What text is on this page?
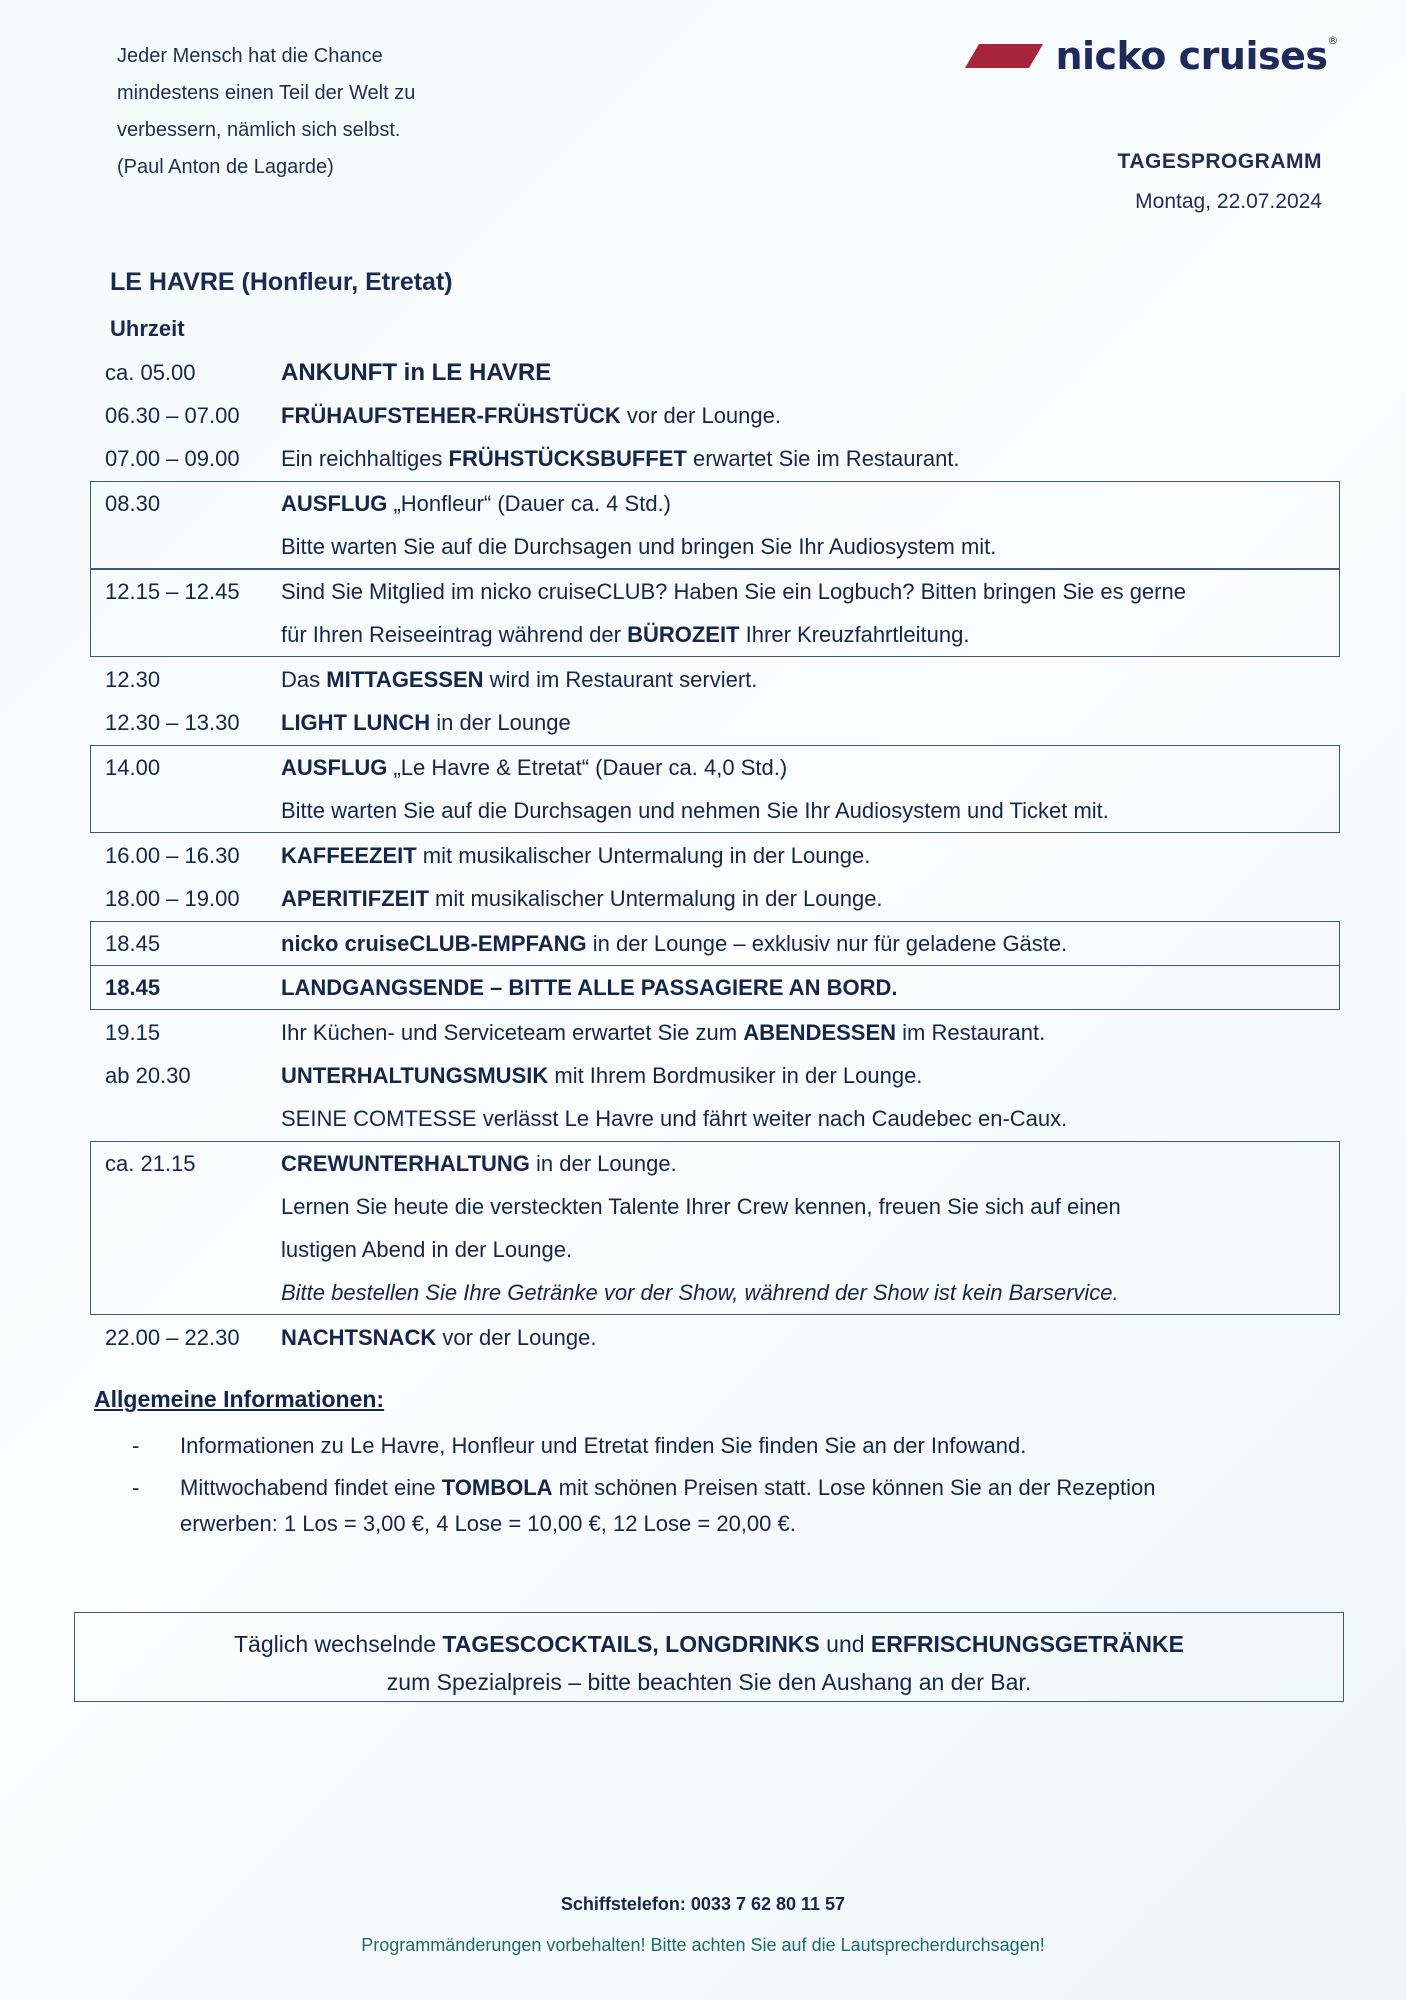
Jeder Mensch hat die Chance
mindestens einen Teil der Welt zu
verbessern, nämlich sich selbst.
(Paul Anton de Lagarde)
nicko cruises®
TAGESPROGRAMM
Montag, 22.07.2024
LE HAVRE (Honfleur, Etretat)
Uhrzeit
ca. 05.00	ANKUNFT in LE HAVRE
06.30 – 07.00	FRÜHAUFSTEHER-FRÜHSTÜCK vor der Lounge.
07.00 – 09.00	Ein reichhaltiges FRÜHSTÜCKSBUFFET erwartet Sie im Restaurant.
08.30	AUSFLUG „Honfleur“ (Dauer ca. 4 Std.)
Bitte warten Sie auf die Durchsagen und bringen Sie Ihr Audiosystem mit.
12.15 – 12.45	Sind Sie Mitglied im nicko cruiseCLUB? Haben Sie ein Logbuch? Bitten bringen Sie es gerne
für Ihren Reiseeintrag während der BÜROZEIT Ihrer Kreuzfahrtleitung.
12.30	Das MITTAGESSEN wird im Restaurant serviert.
12.30 – 13.30	LIGHT LUNCH in der Lounge
14.00	AUSFLUG „Le Havre & Etretat“ (Dauer ca. 4,0 Std.)
Bitte warten Sie auf die Durchsagen und nehmen Sie Ihr Audiosystem und Ticket mit.
16.00 – 16.30	KAFFEEZEIT mit musikalischer Untermalung in der Lounge.
18.00 – 19.00	APERITIFZEIT mit musikalischer Untermalung in der Lounge.
18.45	nicko cruiseCLUB-EMPFANG in der Lounge – exklusiv nur für geladene Gäste.
18.45	LANDGANGSENDE – BITTE ALLE PASSAGIERE AN BORD.
19.15	Ihr Küchen- und Serviceteam erwartet Sie zum ABENDESSEN im Restaurant.
ab 20.30	UNTERHALTUNGSMUSIK mit Ihrem Bordmusiker in der Lounge.
SEINE COMTESSE verlässt Le Havre und fährt weiter nach Caudebec en-Caux.
ca. 21.15	CREWUNTERHALTUNG in der Lounge.
Lernen Sie heute die versteckten Talente Ihrer Crew kennen, freuen Sie sich auf einen
lustigen Abend in der Lounge.
Bitte bestellen Sie Ihre Getränke vor der Show, während der Show ist kein Barservice.
22.00 – 22.30	NACHTSNACK vor der Lounge.
Allgemeine Informationen:
-	Informationen zu Le Havre, Honfleur und Etretat finden Sie finden Sie an der Infowand.
-	Mittwochabend findet eine TOMBOLA mit schönen Preisen statt. Lose können Sie an der Rezeption
erwerben: 1 Los = 3,00 €, 4 Lose = 10,00 €, 12 Lose = 20,00 €.
Täglich wechselnde TAGESCOCKTAILS, LONGDRINKS und ERFRISCHUNGSGETRÄNKE
zum Spezialpreis – bitte beachten Sie den Aushang an der Bar.
Schiffstelefon: 0033 7 62 80 11 57
Programmänderungen vorbehalten! Bitte achten Sie auf die Lautsprecherdurchsagen!
